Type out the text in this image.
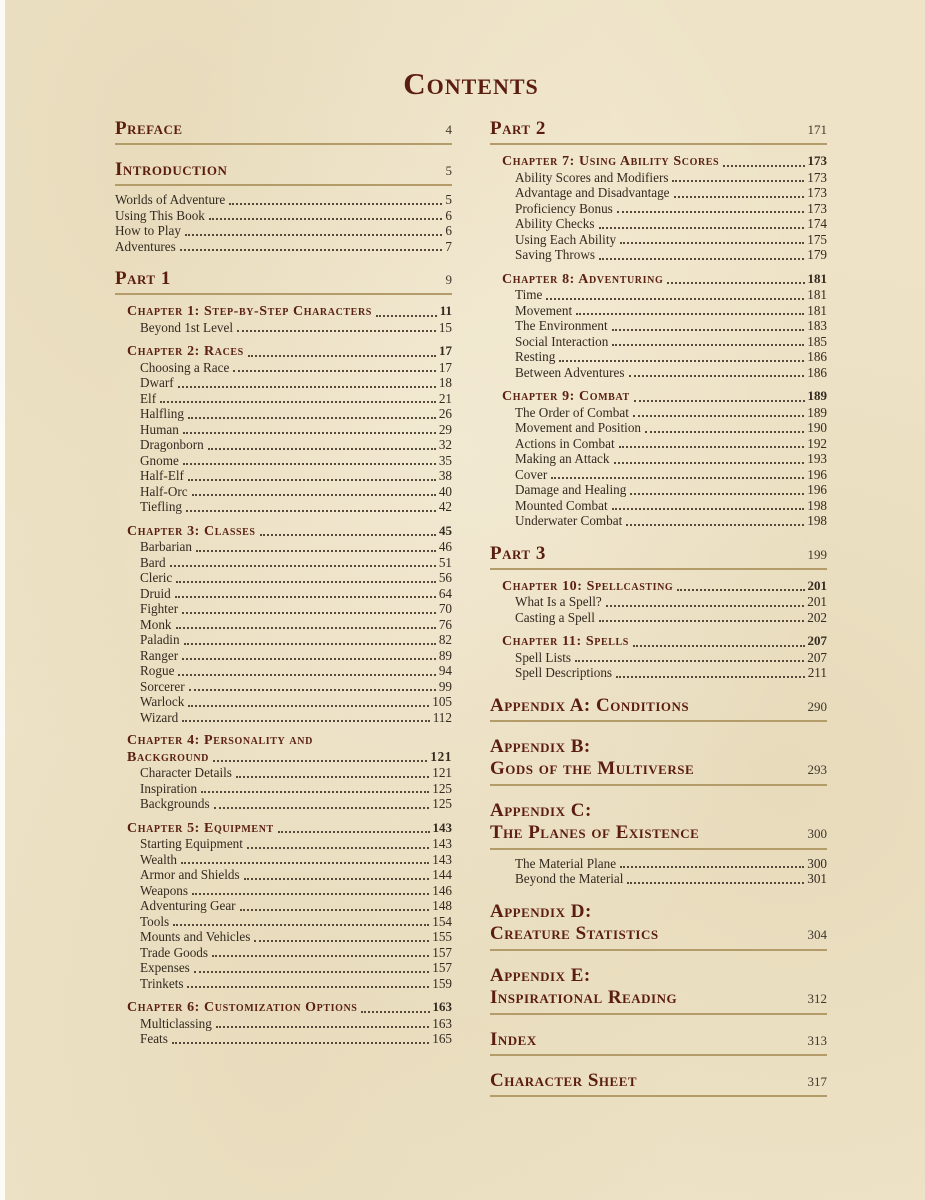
Contents
Preface	4
Introduction	5
Worlds of Adventure	5
Using This Book	6
How to Play	6
Adventures	7
Part 1	9
Chapter 1: Step-by-Step Characters	11
Beyond 1st Level	15
Chapter 2: Races	17
Choosing a Race	17
Dwarf	18
Elf	21
Halfling	26
Human	29
Dragonborn	32
Gnome	35
Half-Elf	38
Half-Orc	40
Tiefling	42
Chapter 3: Classes	45
Barbarian	46
Bard	51
Cleric	56
Druid	64
Fighter	70
Monk	76
Paladin	82
Ranger	89
Rogue	94
Sorcerer	99
Warlock	105
Wizard	112
Chapter 4: Personality and
Background	121
Character Details	121
Inspiration	125
Backgrounds	125
Chapter 5: Equipment	143
Starting Equipment	143
Wealth	143
Armor and Shields	144
Weapons	146
Adventuring Gear	148
Tools	154
Mounts and Vehicles	155
Trade Goods	157
Expenses	157
Trinkets	159
Chapter 6: Customization Options	163
Multiclassing	163
Feats	165
Part 2	171
Chapter 7: Using Ability Scores	173
Ability Scores and Modifiers	173
Advantage and Disadvantage	173
Proficiency Bonus	173
Ability Checks	174
Using Each Ability	175
Saving Throws	179
Chapter 8: Adventuring	181
Time	181
Movement	181
The Environment	183
Social Interaction	185
Resting	186
Between Adventures	186
Chapter 9: Combat	189
The Order of Combat	189
Movement and Position	190
Actions in Combat	192
Making an Attack	193
Cover	196
Damage and Healing	196
Mounted Combat	198
Underwater Combat	198
Part 3	199
Chapter 10: Spellcasting	201
What Is a Spell?	201
Casting a Spell	202
Chapter 11: Spells	207
Spell Lists	207
Spell Descriptions	211
Appendix A: Conditions	290
Appendix B:
Gods of the Multiverse	293
Appendix C:
The Planes of Existence	300
The Material Plane	300
Beyond the Material	301
Appendix D:
Creature Statistics	304
Appendix E:
Inspirational Reading	312
Index	313
Character Sheet	317
